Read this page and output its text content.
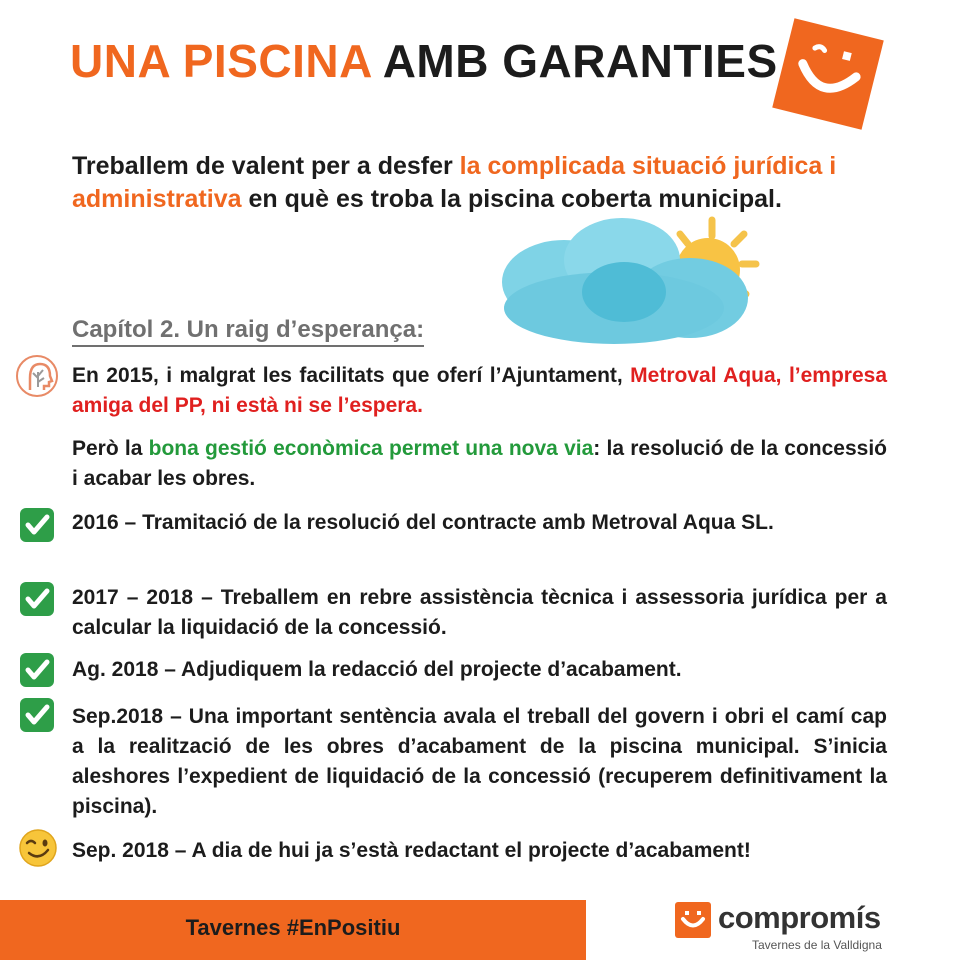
UNA PISCINA AMB GARANTIES
Treballem de valent per a desfer la complicada situació jurídica i administrativa en què es troba la piscina coberta municipal.
Capítol 2. Un raig d’esperança:
En 2015, i malgrat les facilitats que oferí l’Ajuntament, Metroval Aqua, l’empresa amiga del PP, ni està ni se l’espera.
Però la bona gestió econòmica permet una nova via: la resolució de la concessió i acabar les obres.
2016 – Tramitació de la resolució del contracte amb Metroval Aqua SL.
2017 – 2018 – Treballem en rebre assistència tècnica i assessoria jurídica per a calcular la liquidació de la concessió.
Ag. 2018 – Adjudiquem la redacció del projecte d’acabament.
Sep.2018 – Una important sentència avala el treball del govern i obri el camí cap a la realització de les obres d’acabament de la piscina municipal. S’inicia aleshores l’expedient de liquidació de la concessió (recuperem definitivament la piscina).
Sep. 2018 – A dia de hui ja s’està redactant el projecte d’acabament!
Tavernes #EnPositiu	compromís
Tavernes de la Valldigna
